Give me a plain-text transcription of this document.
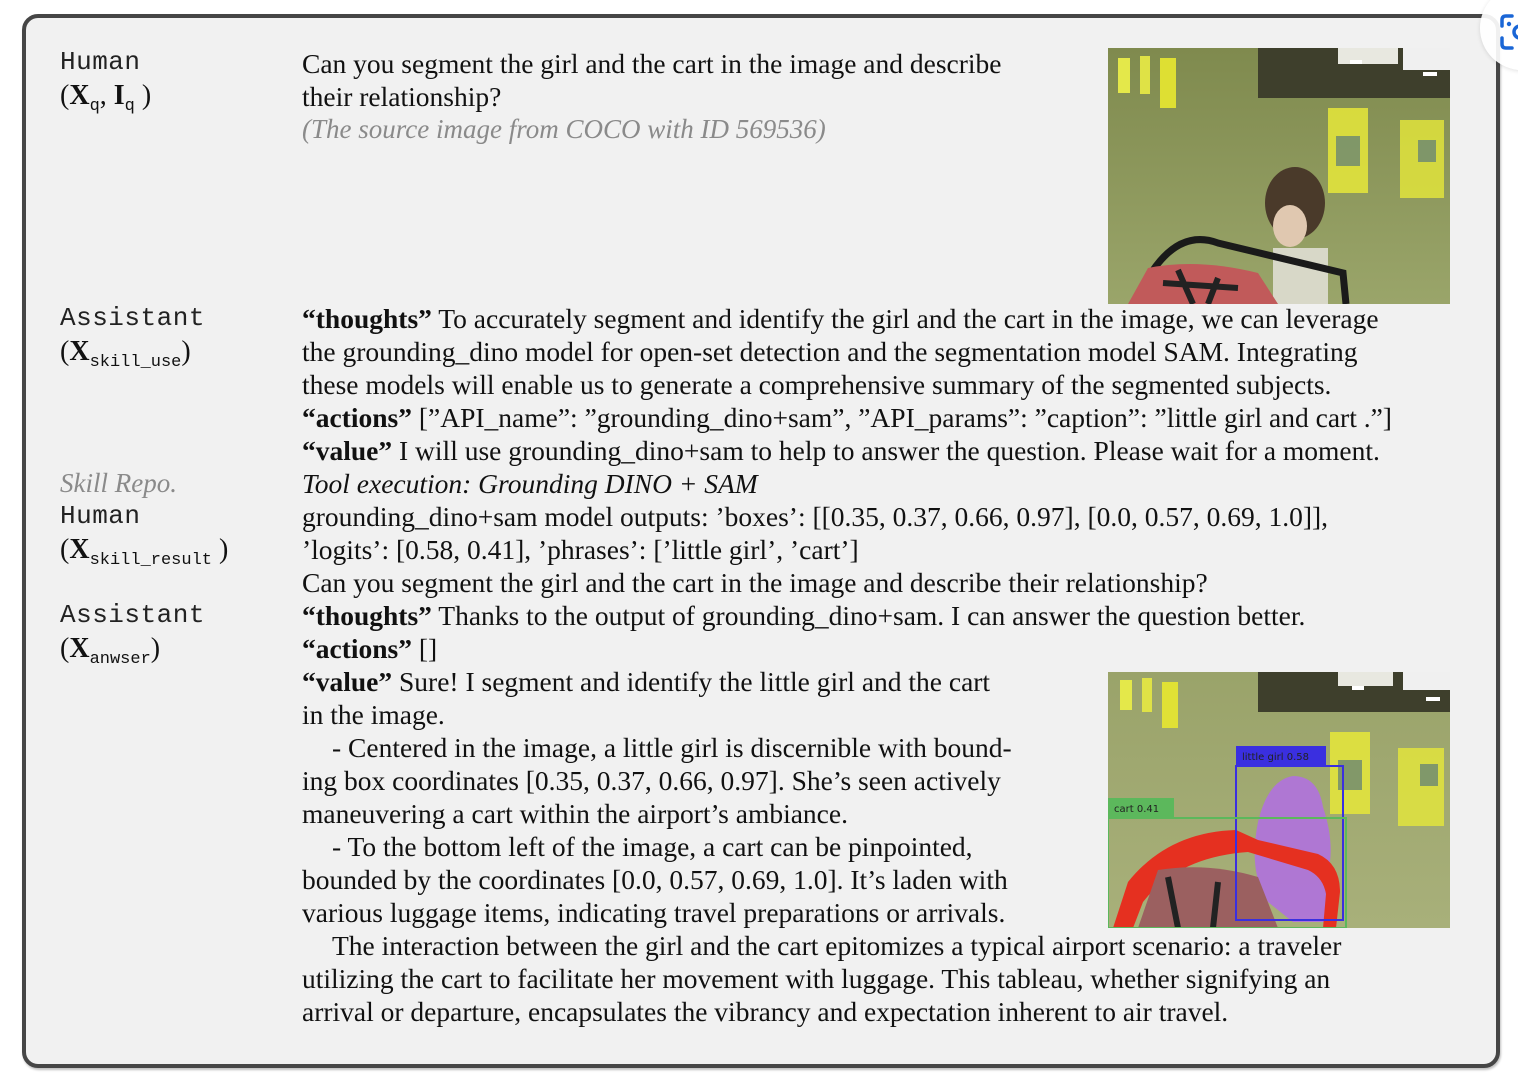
Human
($X_q$, $I_q$ )
Can you segment the girl and the cart in the image and describe
their relationship?
(The source image from COCO with ID 569536)
Assistant
$(X_{skill\_use})$
“thoughts” To accurately segment and identify the girl and the cart in the image, we can leverage
the grounding_dino model for open-set detection and the segmentation model SAM. Integrating
these models will enable us to generate a comprehensive summary of the segmented subjects.
“actions” [”API_name”: ”grounding_dino+sam”, ”API_params”: ”caption”: ”little girl and cart .”]
“value” I will use grounding_dino+sam to help to answer the question. Please wait for a moment.
Skill Repo.	Tool execution: Grounding DINO + SAM
Human
($X_{skill\_result}$ )
grounding_dino+sam model outputs: ’boxes’: [[0.35, 0.37, 0.66, 0.97], [0.0, 0.57, 0.69, 1.0]],
’logits’: [0.58, 0.41], ’phrases’: [’little girl’, ’cart’]
Can you segment the girl and the cart in the image and describe their relationship?
Assistant
$(X_{anwser})$
“thoughts” Thanks to the output of grounding_dino+sam. I can answer the question better.
“actions” []
“value” Sure! I segment and identify the little girl and the cart
in the image.
- Centered in the image, a little girl is discernible with bound-
ing box coordinates [0.35, 0.37, 0.66, 0.97]. She’s seen actively
maneuvering a cart within the airport’s ambiance.
- To the bottom left of the image, a cart can be pinpointed,
bounded by the coordinates [0.0, 0.57, 0.69, 1.0]. It’s laden with
various luggage items, indicating travel preparations or arrivals.
The interaction between the girl and the cart epitomizes a typical airport scenario: a traveler
utilizing the cart to facilitate her movement with luggage. This tableau, whether signifying an
arrival or departure, encapsulates the vibrancy and expectation inherent to air travel.
little girl 0.58
cart 0.41
